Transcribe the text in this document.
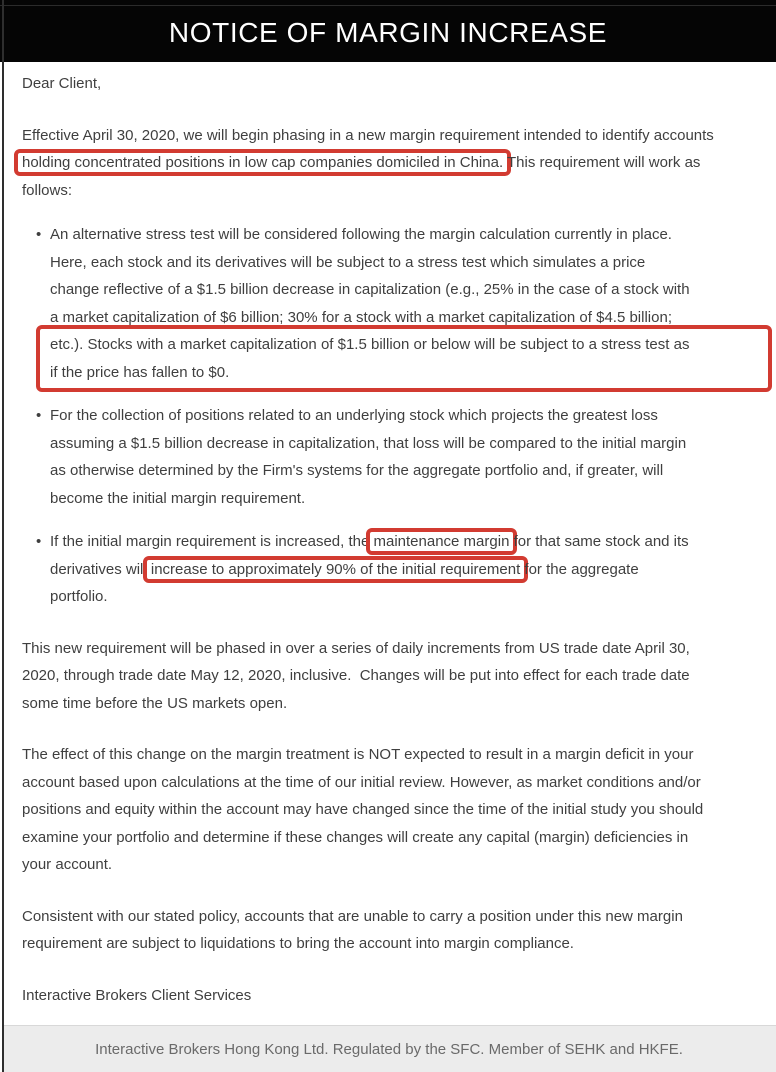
NOTICE OF MARGIN INCREASE
Dear Client,
Effective April 30, 2020, we will begin phasing in a new margin requirement intended to identify accounts
holding concentrated positions in low cap companies domiciled in China. This requirement will work as
follows:
• An alternative stress test will be considered following the margin calculation currently in place.
Here, each stock and its derivatives will be subject to a stress test which simulates a price
change reflective of a $1.5 billion decrease in capitalization (e.g., 25% in the case of a stock with
a market capitalization of $6 billion; 30% for a stock with a market capitalization of $4.5 billion;
etc.). Stocks with a market capitalization of $1.5 billion or below will be subject to a stress test as
if the price has fallen to $0.
• For the collection of positions related to an underlying stock which projects the greatest loss
assuming a $1.5 billion decrease in capitalization, that loss will be compared to the initial margin
as otherwise determined by the Firm's systems for the aggregate portfolio and, if greater, will
become the initial margin requirement.
• If the initial margin requirement is increased, the maintenance margin for that same stock and its
derivatives will increase to approximately 90% of the initial requirement for the aggregate
portfolio.
This new requirement will be phased in over a series of daily increments from US trade date April 30,
2020, through trade date May 12, 2020, inclusive.  Changes will be put into effect for each trade date
some time before the US markets open.
The effect of this change on the margin treatment is NOT expected to result in a margin deficit in your
account based upon calculations at the time of our initial review. However, as market conditions and/or
positions and equity within the account may have changed since the time of the initial study you should
examine your portfolio and determine if these changes will create any capital (margin) deficiencies in
your account.
Consistent with our stated policy, accounts that are unable to carry a position under this new margin
requirement are subject to liquidations to bring the account into margin compliance.
Interactive Brokers Client Services
Interactive Brokers Hong Kong Ltd. Regulated by the SFC. Member of SEHK and HKFE.
